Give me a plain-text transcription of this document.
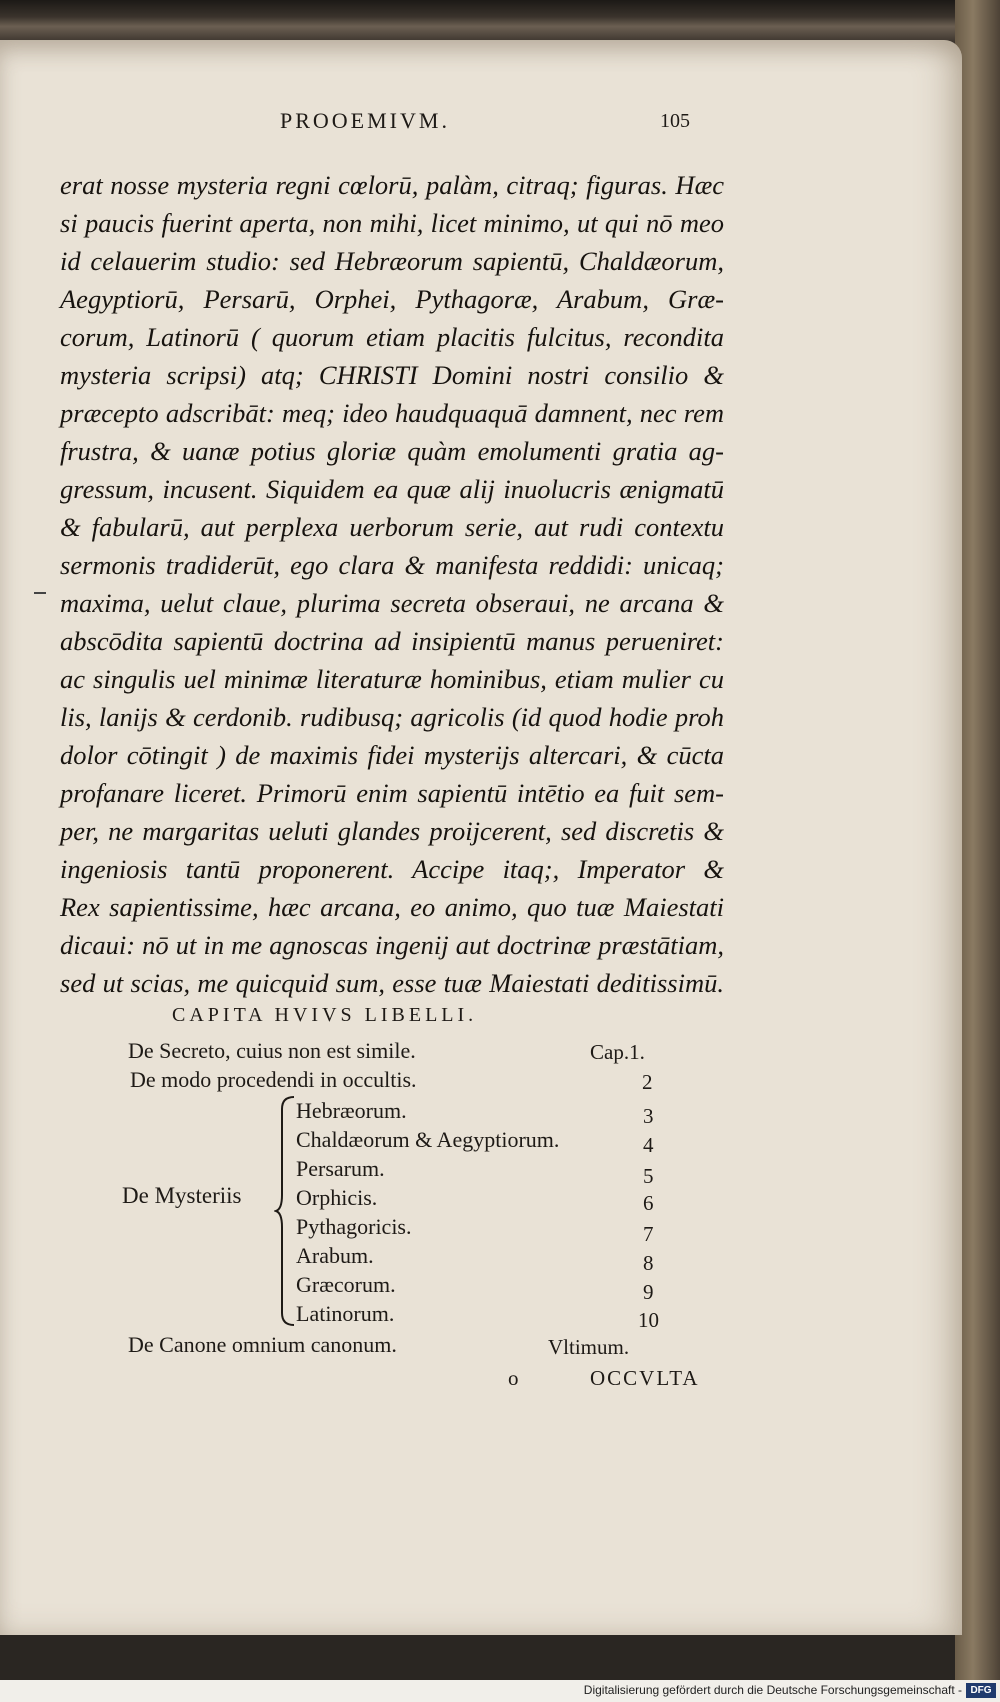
PROOEMIVM.	105
erat nosse mysteria regni cœlorū, palàm, citraq; figuras. Hæc
si paucis fuerint aperta, non mihi, licet minimo, ut qui nō meo
id celauerim studio: sed Hebræorum sapientū, Chaldæorum,
Aegyptiorū, Persarū, Orphei, Pythagoræ, Arabum, Græ-
corum, Latinorū ( quorum etiam placitis fulcitus, recondita
mysteria scripsi) atq; CHRISTI Domini nostri consilio &
præcepto adscribāt: meq; ideo haudquaquā damnent, nec rem
frustra, & uanæ potius gloriæ quàm emolumenti gratia ag-
gressum, incusent. Siquidem ea quæ alij inuolucris ænigmatū
& fabularū, aut perplexa uerborum serie, aut rudi contextu
sermonis tradiderūt, ego clara & manifesta reddidi: unicaq;
maxima, uelut claue, plurima secreta obseraui, ne arcana &
abscōdita sapientū doctrina ad insipientū manus perueniret:
ac singulis uel minimæ literaturæ hominibus, etiam mulier cu
lis, lanijs & cerdonib. rudibusq; agricolis (id quod hodie proh
dolor cōtingit ) de maximis fidei mysterijs altercari, & cūcta
profanare liceret. Primorū enim sapientū intētio ea fuit sem-
per, ne margaritas ueluti glandes proijcerent, sed discretis &
ingeniosis tantū proponerent. Accipe itaq;, Imperator &
Rex sapientissime, hæc arcana, eo animo, quo tuæ Maiestati
dicaui: nō ut in me agnoscas ingenij aut doctrinæ præstātiam,
sed ut scias, me quicquid sum, esse tuæ Maiestati deditissimū.
CAPITA HVIVS LIBELLI.
De Secreto, cuius non est simile.	Cap.1.
De modo procedendi in occultis.	2
De Mysteriis
Hebræorum.	3
Chaldæorum & Aegyptiorum.	4
Persarum.	5
Orphicis.	6
Pythagoricis.	7
Arabum.	8
Græcorum.	9
Latinorum.	10
De Canone omnium canonum.	Vltimum.
o	OCCVLTA
Digitalisierung gefördert durch die Deutsche Forschungsgemeinschaft - DFG
